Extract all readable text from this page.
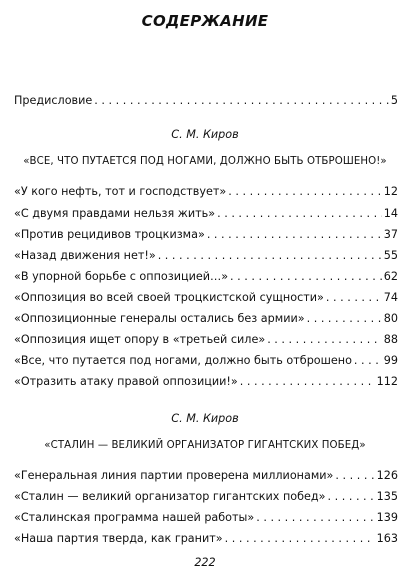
СОДЕРЖАНИЕ
Предисловие . . .	5
С. М. Киров
«ВСЕ, ЧТО ПУТАЕТСЯ ПОД НОГАМИ, ДОЛЖНО БЫТЬ ОТБРОШЕНО!»
«У кого нефть, тот и господствует» . . .	12
«С двумя правдами нельзя жить» . . .	14
«Против рецидивов троцкизма» . . .	37
«Назад движения нет!» . . .	55
«В упорной борьбе с оппозицией…» . . .	62
«Оппозиция во всей своей троцкистской сущности» . . .	74
«Оппозиционные генералы остались без армии» . . .	80
«Оппозиция ищет опору в «третьей силе» . . .	88
«Все, что путается под ногами, должно быть отброшено . . .	99
«Отразить атаку правой оппозиции!» . . .	112
С. М. Киров
«СТАЛИН — ВЕЛИКИЙ ОРГАНИЗАТОР ГИГАНТСКИХ ПОБЕД»
«Генеральная линия партии проверена миллионами» . . .	126
«Сталин — великий организатор гигантских побед» . . .	135
«Сталинская программа нашей работы» . . .	139
«Наша партия тверда, как гранит» . . .	163
222
